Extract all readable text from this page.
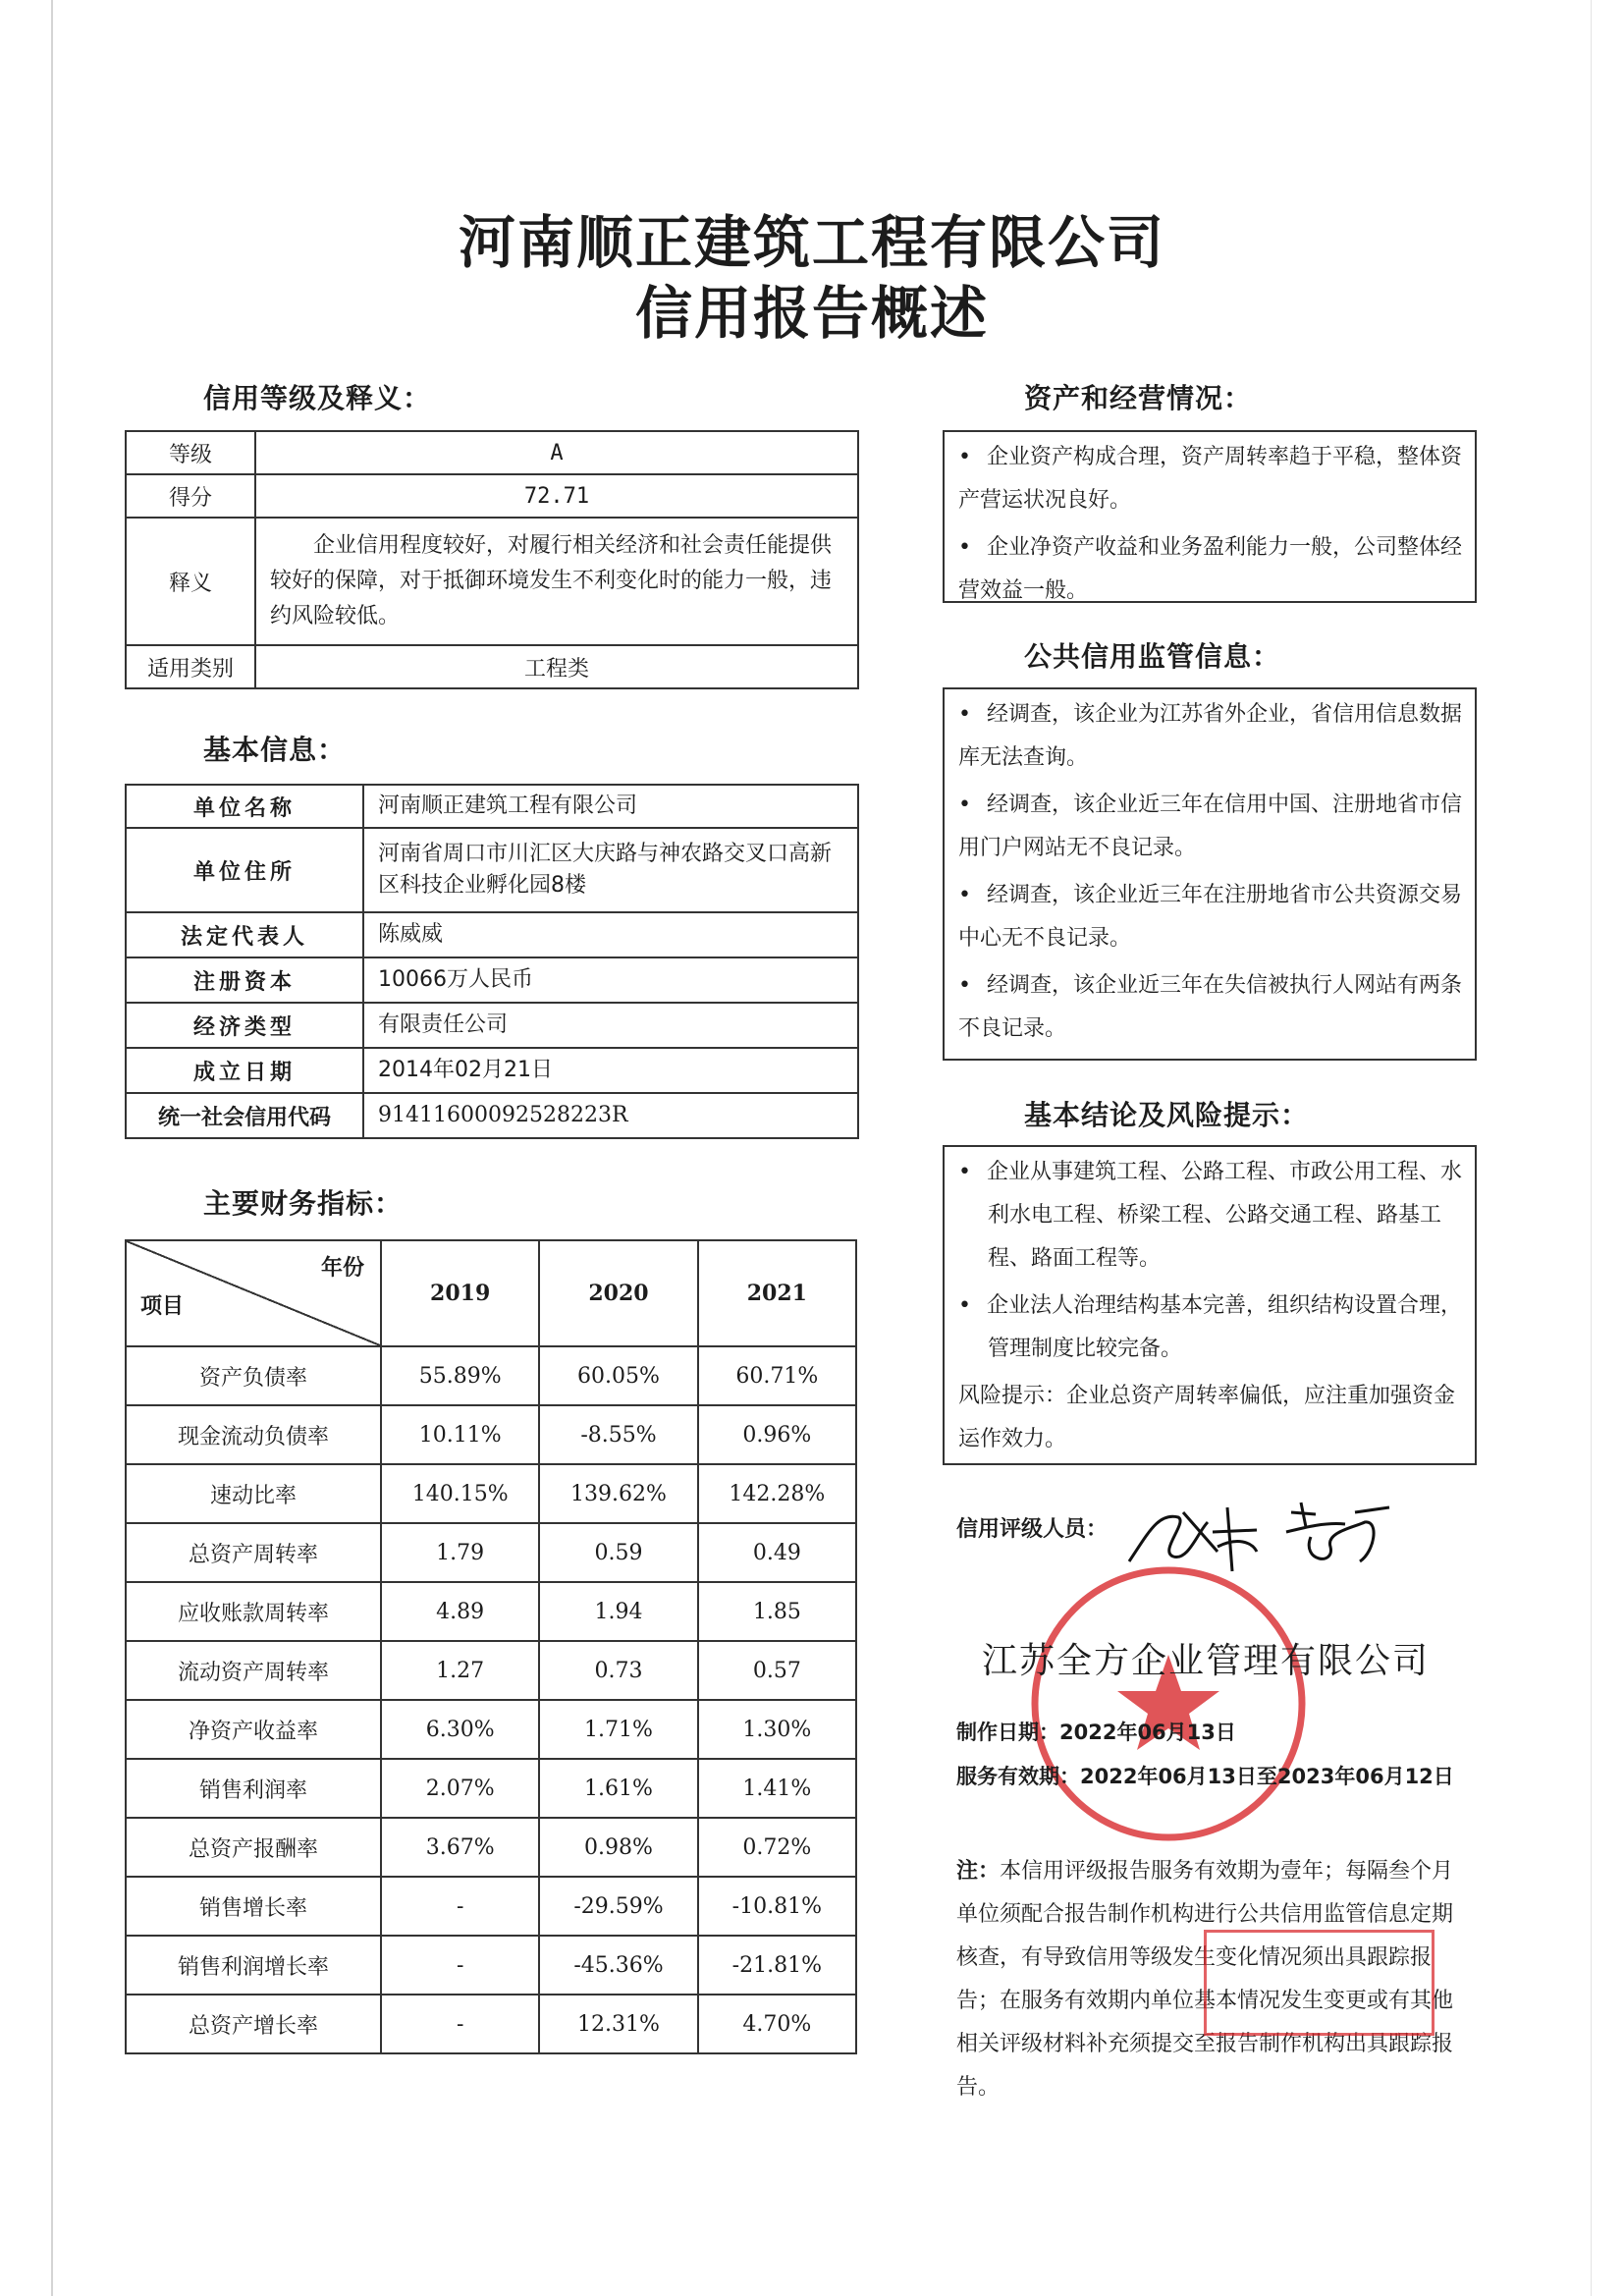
河南顺正建筑工程有限公司
信用报告概述
信用等级及释义：
等级	A
得分	72.71
释义	企业信用程度较好，对履行相关经济和社会责任能提供较好的保障，对于抵御环境发生不利变化时的能力一般，违约风险较低。
适用类别	工程类
基本信息：
单位名称	河南顺正建筑工程有限公司
单位住所	河南省周口市川汇区大庆路与神农路交叉口高新区科技企业孵化园8楼
法定代表人	陈威威
注册资本	10066万人民币
经济类型	有限责任公司
成立日期	2014年02月21日
统一社会信用代码	91411600092528223R
主要财务指标：
年份
项目	2019	2020	2021
资产负债率	55.89%	60.05%	60.71%
现金流动负债率	10.11%	-8.55%	0.96%
速动比率	140.15%	139.62%	142.28%
总资产周转率	1.79	0.59	0.49
应收账款周转率	4.89	1.94	1.85
流动资产周转率	1.27	0.73	0.57
净资产收益率	6.30%	1.71%	1.30%
销售利润率	2.07%	1.61%	1.41%
总资产报酬率	3.67%	0.98%	0.72%
销售增长率	-	-29.59%	-10.81%
销售利润增长率	-	-45.36%	-21.81%
总资产增长率	-	12.31%	4.70%
资产和经营情况：

• 企业资产构成合理，资产周转率趋于平稳，整体资产营运状况良好。

• 企业净资产收益和业务盈利能力一般，公司整体经营效益一般。

公共信用监管信息：

• 经调查，该企业为江苏省外企业，省信用信息数据库无法查询。

• 经调查，该企业近三年在信用中国、注册地省市信用门户网站无不良记录。

• 经调查，该企业近三年在注册地省市公共资源交易中心无不良记录。

• 经调查，该企业近三年在失信被执行人网站有两条不良记录。

基本结论及风险提示：

• 企业从事建筑工程、公路工程、市政公用工程、水利水电工程、桥梁工程、公路交通工程、路基工程、路面工程等。

• 企业法人治理结构基本完善，组织结构设置合理，管理制度比较完备。

风险提示：企业总资产周转率偏低，应注重加强资金运作效力。

信用评级人员：
江苏全方企业管理有限公司
制作日期：2022年06月13日
服务有效期：2022年06月13日至2023年06月12日
注：本信用评级报告服务有效期为壹年；每隔叁个月单位须配合报告制作机构进行公共信用监管信息定期核查，有导致信用等级发生变化情况须出具跟踪报告；在服务有效期内单位基本情况发生变更或有其他相关评级材料补充须提交至报告制作机构出具跟踪报告。
